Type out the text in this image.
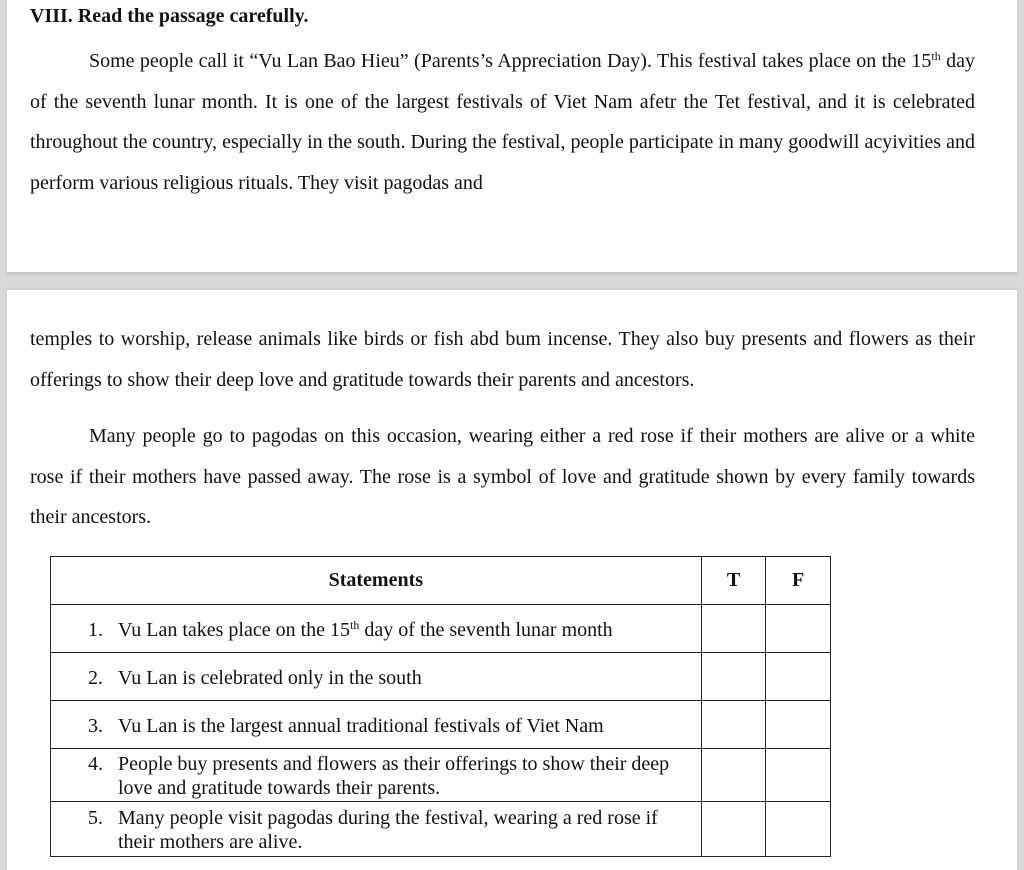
VIII. Read the passage carefully.

Some people call it “Vu Lan Bao Hieu” (Parents’s Appreciation Day). This festival takes place on the 15th day of the seventh lunar month. It is one of the largest festivals of Viet Nam afetr the Tet festival, and it is celebrated throughout the country, especially in the south. During the festival, people participate in many goodwill acyivities and perform various religious rituals. They visit pagodas and

temples to worship, release animals like birds or fish abd bum incense. They also buy presents and flowers as their offerings to show their deep love and gratitude towards their parents and ancestors.

Many people go to pagodas on this occasion, wearing either a red rose if their mothers are alive or a white rose if their mothers have passed away. The rose is a symbol of love and gratitude shown by every family towards their ancestors.

Statements	T	F

1. Vu Lan takes place on the 15th day of the seventh lunar month		

2. Vu Lan is celebrated only in the south		

3. Vu Lan is the largest annual traditional festivals of Viet Nam		

4. People buy presents and flowers as their offerings to show their deep love and gratitude towards their parents.		

5. Many people visit pagodas during the festival, wearing a red rose if their mothers are alive.		
